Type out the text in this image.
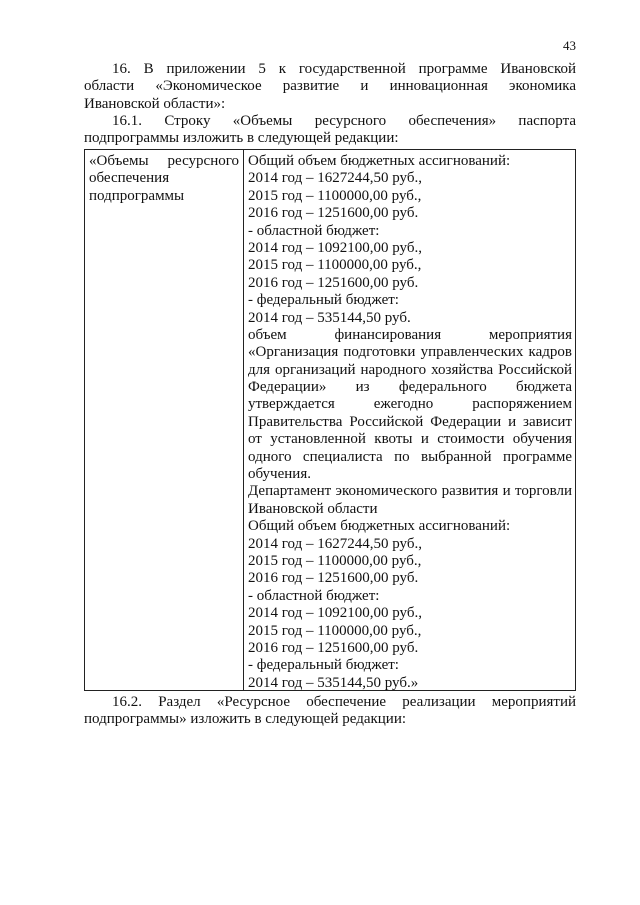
43
16. В приложении 5 к государственной программе Ивановской
области «Экономическое развитие и инновационная экономика
Ивановской области»:
16.1. Строку «Объемы ресурсного обеспечения» паспорта
подпрограммы изложить в следующей редакции:
«Объемы ресурсного
обеспечения
подпрограммы
Общий объем бюджетных ассигнований:
2014 год – 1627244,50 руб.,
2015 год – 1100000,00 руб.,
2016 год – 1251600,00 руб.
- областной бюджет:
2014 год – 1092100,00 руб.,
2015 год – 1100000,00 руб.,
2016 год – 1251600,00 руб.
- федеральный бюджет:
2014 год – 535144,50 руб.
объем финансирования мероприятия
«Организация подготовки управленческих кадров
для организаций народного хозяйства Российской
Федерации» из федерального бюджета
утверждается ежегодно распоряжением
Правительства Российской Федерации и зависит
от установленной квоты и стоимости обучения
одного специалиста по выбранной программе
обучения.
Департамент экономического развития и торговли
Ивановской области
Общий объем бюджетных ассигнований:
2014 год – 1627244,50 руб.,
2015 год – 1100000,00 руб.,
2016 год – 1251600,00 руб.
- областной бюджет:
2014 год – 1092100,00 руб.,
2015 год – 1100000,00 руб.,
2016 год – 1251600,00 руб.
- федеральный бюджет:
2014 год – 535144,50 руб.»
16.2. Раздел «Ресурсное обеспечение реализации мероприятий
подпрограммы» изложить в следующей редакции:
